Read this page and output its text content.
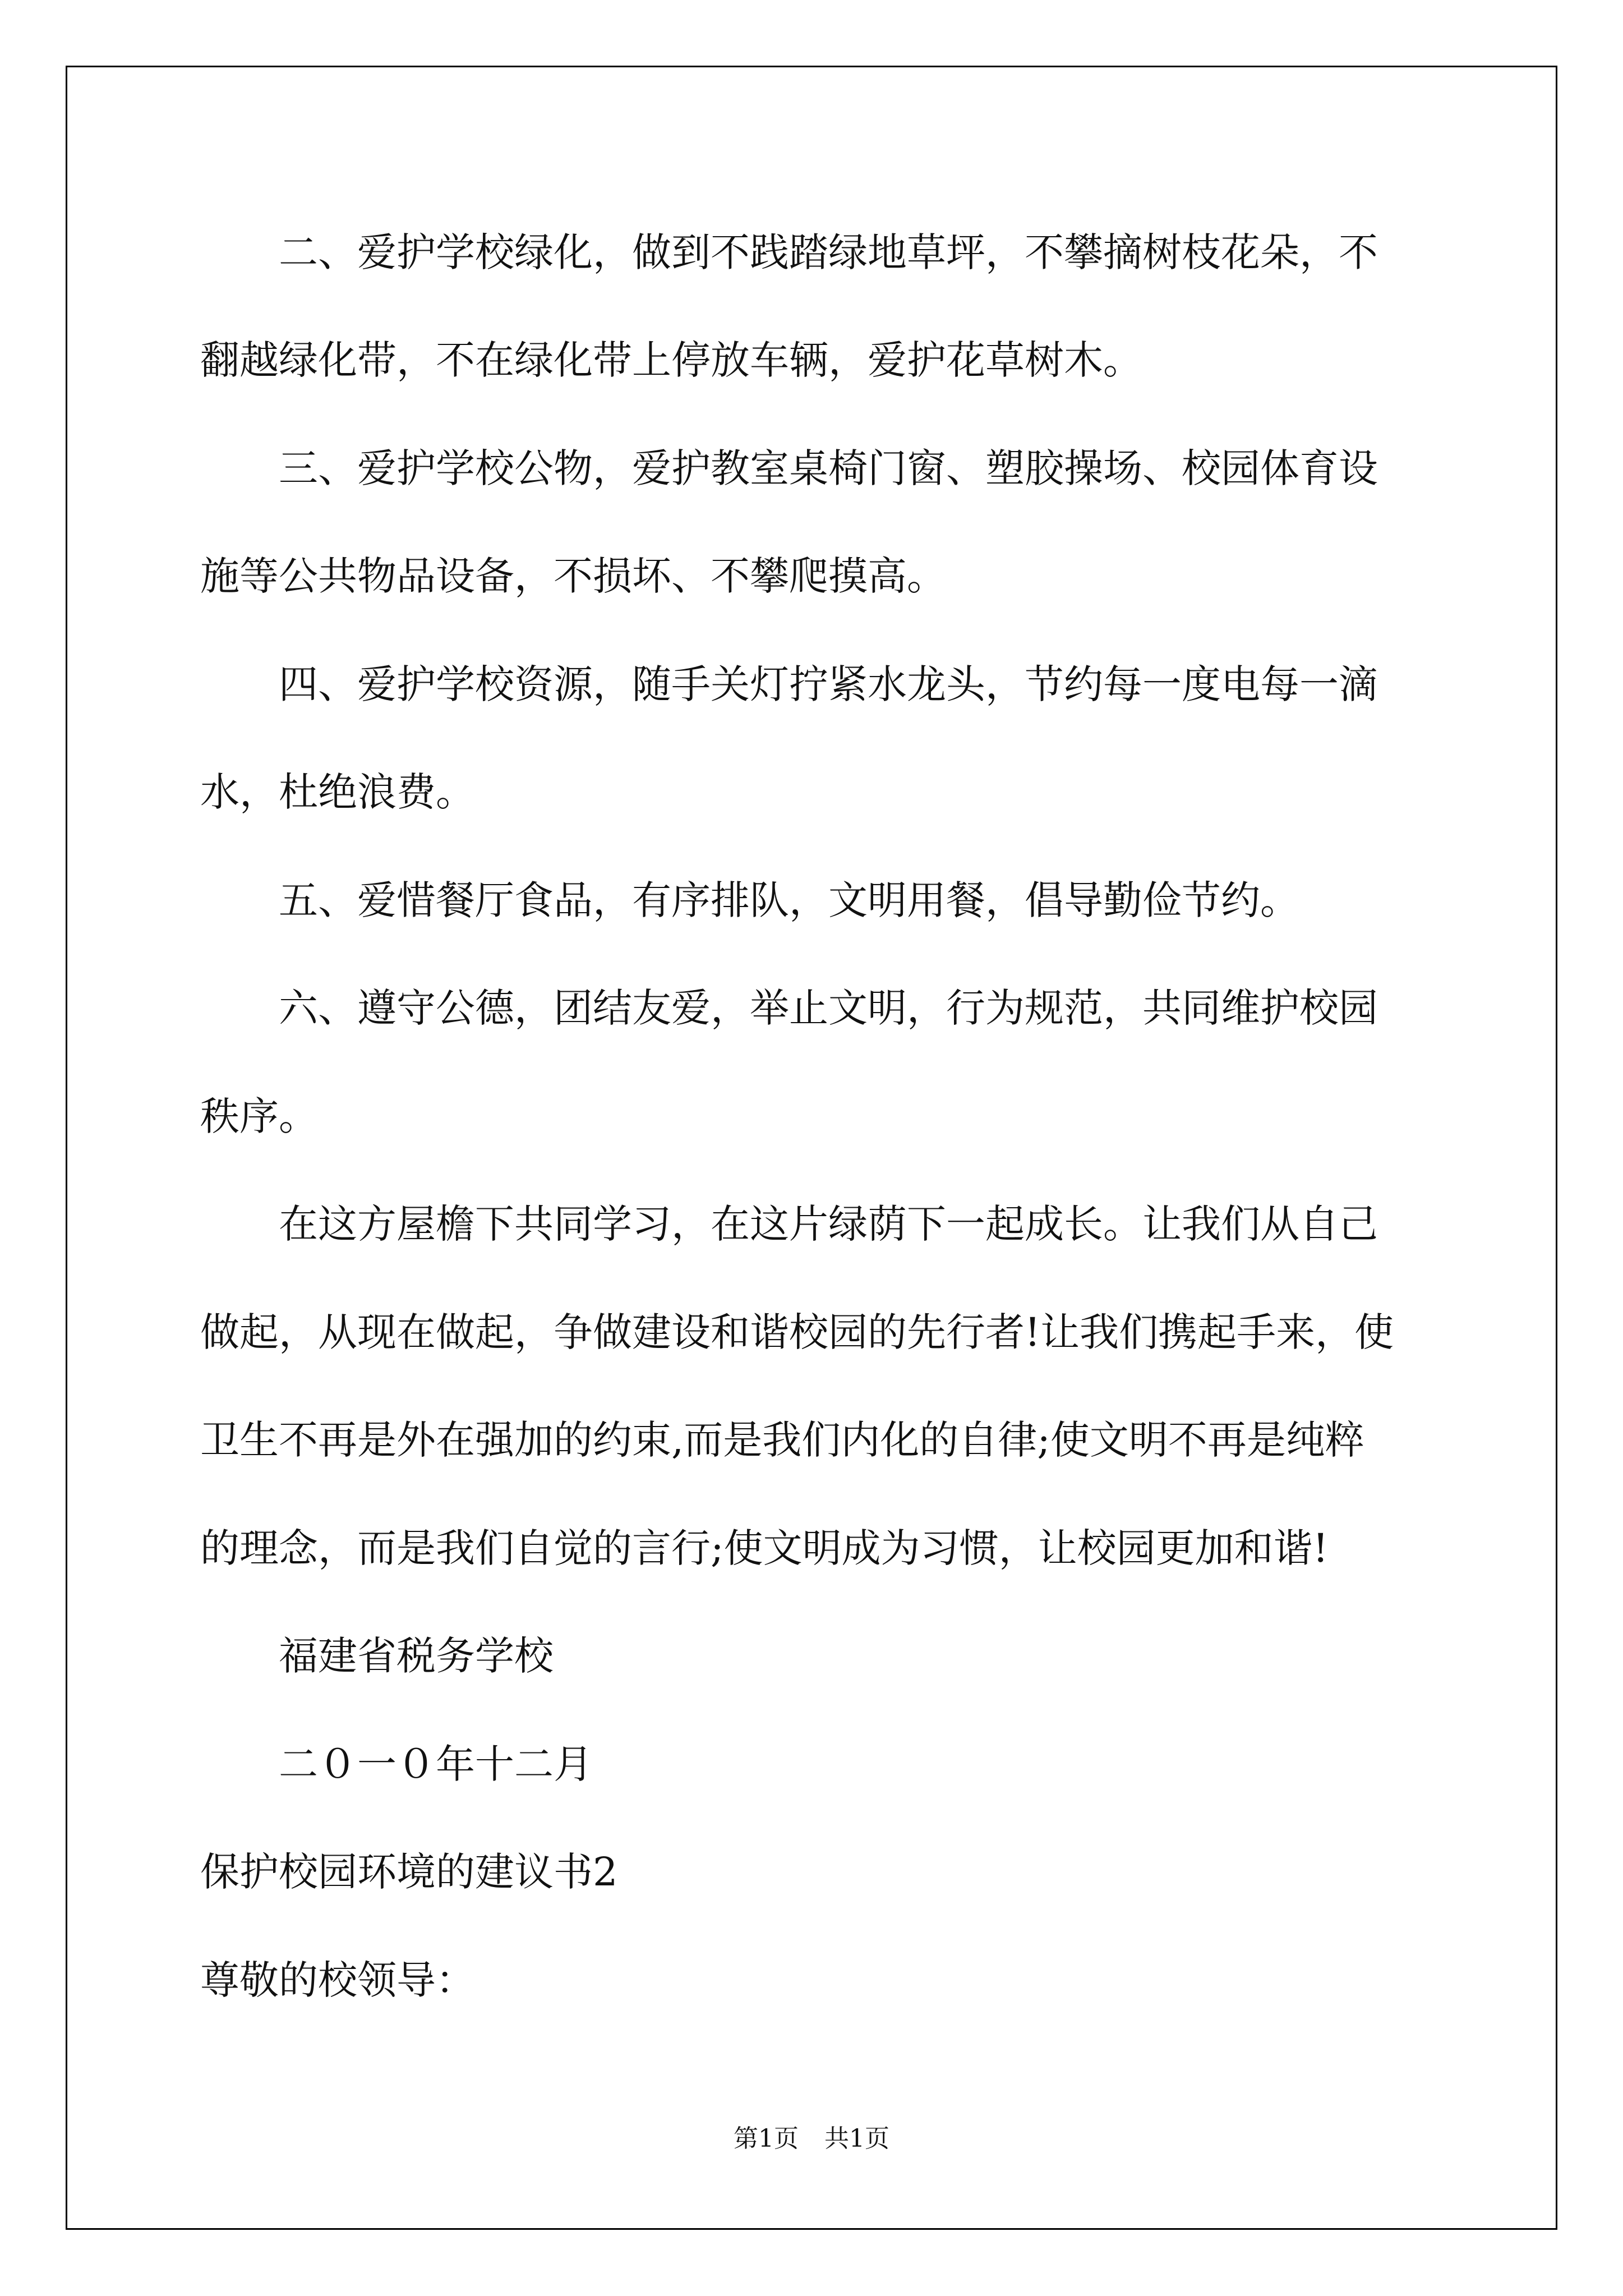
二、爱护学校绿化，做到不践踏绿地草坪，不攀摘树枝花朵，不
翻越绿化带，不在绿化带上停放车辆，爱护花草树木。
三、爱护学校公物，爱护教室桌椅门窗、塑胶操场、校园体育设
施等公共物品设备，不损坏、不攀爬摸高。
四、爱护学校资源，随手关灯拧紧水龙头，节约每一度电每一滴
水，杜绝浪费。
五、爱惜餐厅食品，有序排队，文明用餐，倡导勤俭节约。
六、遵守公德，团结友爱，举止文明，行为规范，共同维护校园
秩序。
在这方屋檐下共同学习，在这片绿荫下一起成长。让我们从自己
做起，从现在做起，争做建设和谐校园的先行者!让我们携起手来，使
卫生不再是外在强加的约束,而是我们内化的自律;使文明不再是纯粹
的理念，而是我们自觉的言行;使文明成为习惯，让校园更加和谐!
福建省税务学校
二０一０年十二月
保护校园环境的建议书2
尊敬的校领导：
第1页 共1页
